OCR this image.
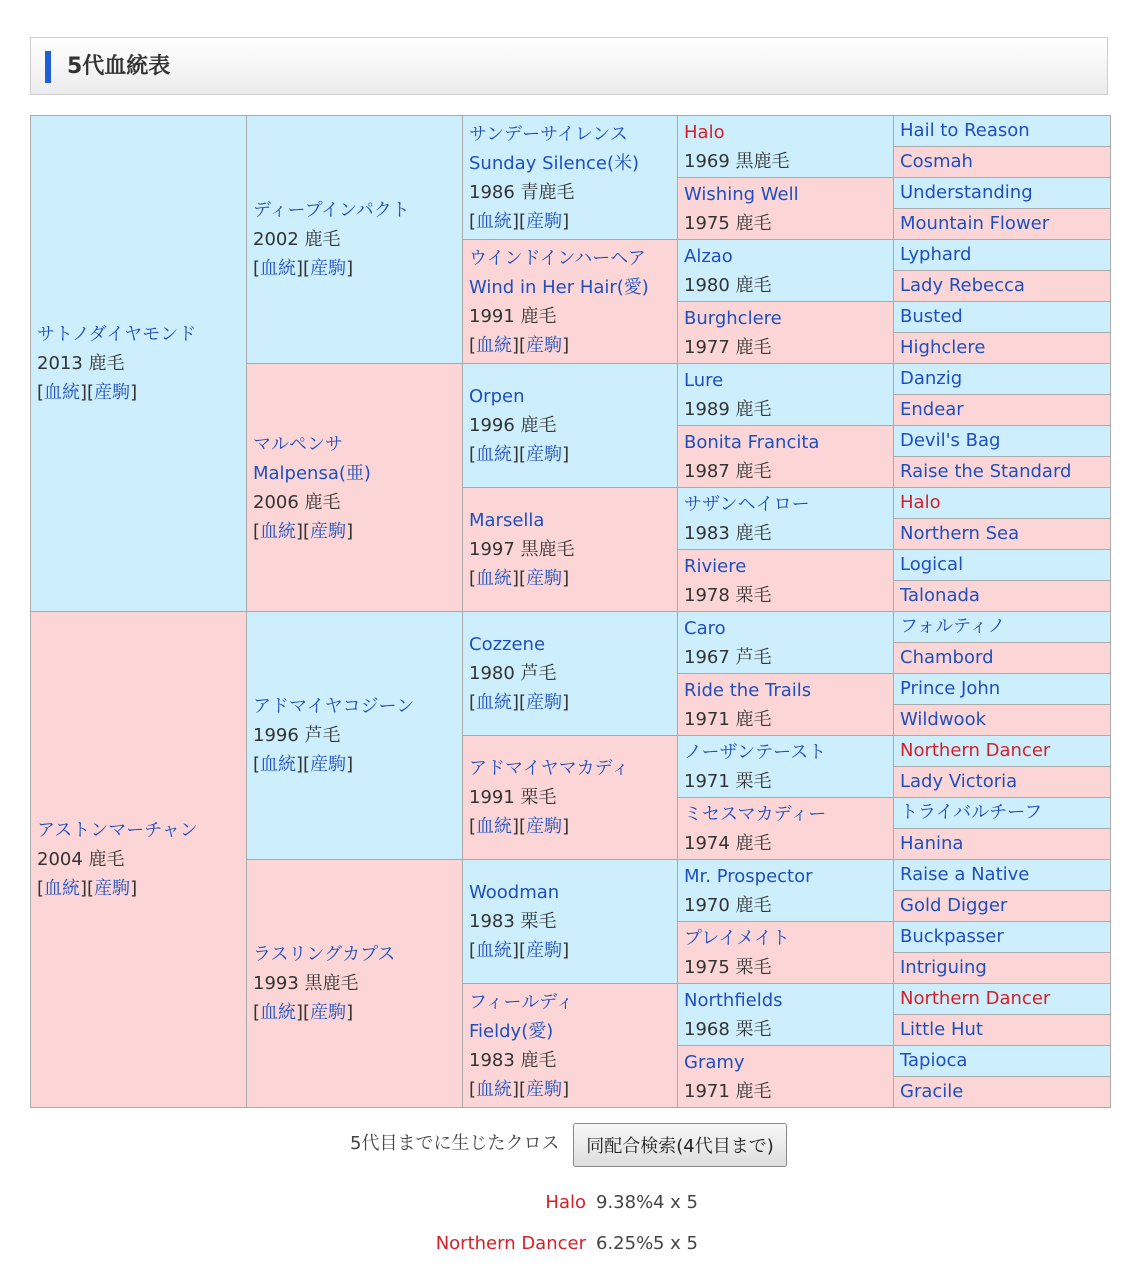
5代血統表
サトノダイヤモンド
2013 鹿毛
[血統][産駒]	ディープインパクト
2002 鹿毛
[血統][産駒]	サンデーサイレンス
Sunday Silence(米)
1986 青鹿毛
[血統][産駒]	Halo
1969 黒鹿毛	Hail to Reason

				Cosmah

			Wishing Well
1975 鹿毛	Understanding

				Mountain Flower

		ウインドインハーヘア
Wind in Her Hair(愛)
1991 鹿毛
[血統][産駒]	Alzao
1980 鹿毛	Lyphard

				Lady Rebecca

			Burghclere
1977 鹿毛	Busted

				Highclere

	マルペンサ
Malpensa(亜)
2006 鹿毛
[血統][産駒]	Orpen
1996 鹿毛
[血統][産駒]	Lure
1989 鹿毛	Danzig

				Endear

			Bonita Francita
1987 鹿毛	Devil's Bag

				Raise the Standard

		Marsella
1997 黒鹿毛
[血統][産駒]	サザンヘイロー
1983 鹿毛	Halo

				Northern Sea

			Riviere
1978 栗毛	Logical

				Talonada

アストンマーチャン
2004 鹿毛
[血統][産駒]	アドマイヤコジーン
1996 芦毛
[血統][産駒]	Cozzene
1980 芦毛
[血統][産駒]	Caro
1967 芦毛	フォルティノ

				Chambord

			Ride the Trails
1971 鹿毛	Prince John

				Wildwook

		アドマイヤマカディ
1991 栗毛
[血統][産駒]	ノーザンテースト
1971 栗毛	Northern Dancer

				Lady Victoria

			ミセスマカディー
1974 鹿毛	トライバルチーフ

				Hanina

	ラスリングカプス
1993 黒鹿毛
[血統][産駒]	Woodman
1983 栗毛
[血統][産駒]	Mr. Prospector
1970 鹿毛	Raise a Native

				Gold Digger

			プレイメイト
1975 栗毛	Buckpasser

				Intriguing

		フィールディ
Fieldy(愛)
1983 鹿毛
[血統][産駒]	Northfields
1968 栗毛	Northern Dancer

				Little Hut

			Gramy
1971 鹿毛	Tapioca

				Gracile
5代目までに生じたクロス	同配合検索(4代目まで)
Halo 9.38% 4 x 5
Northern Dancer 6.25% 5 x 5
